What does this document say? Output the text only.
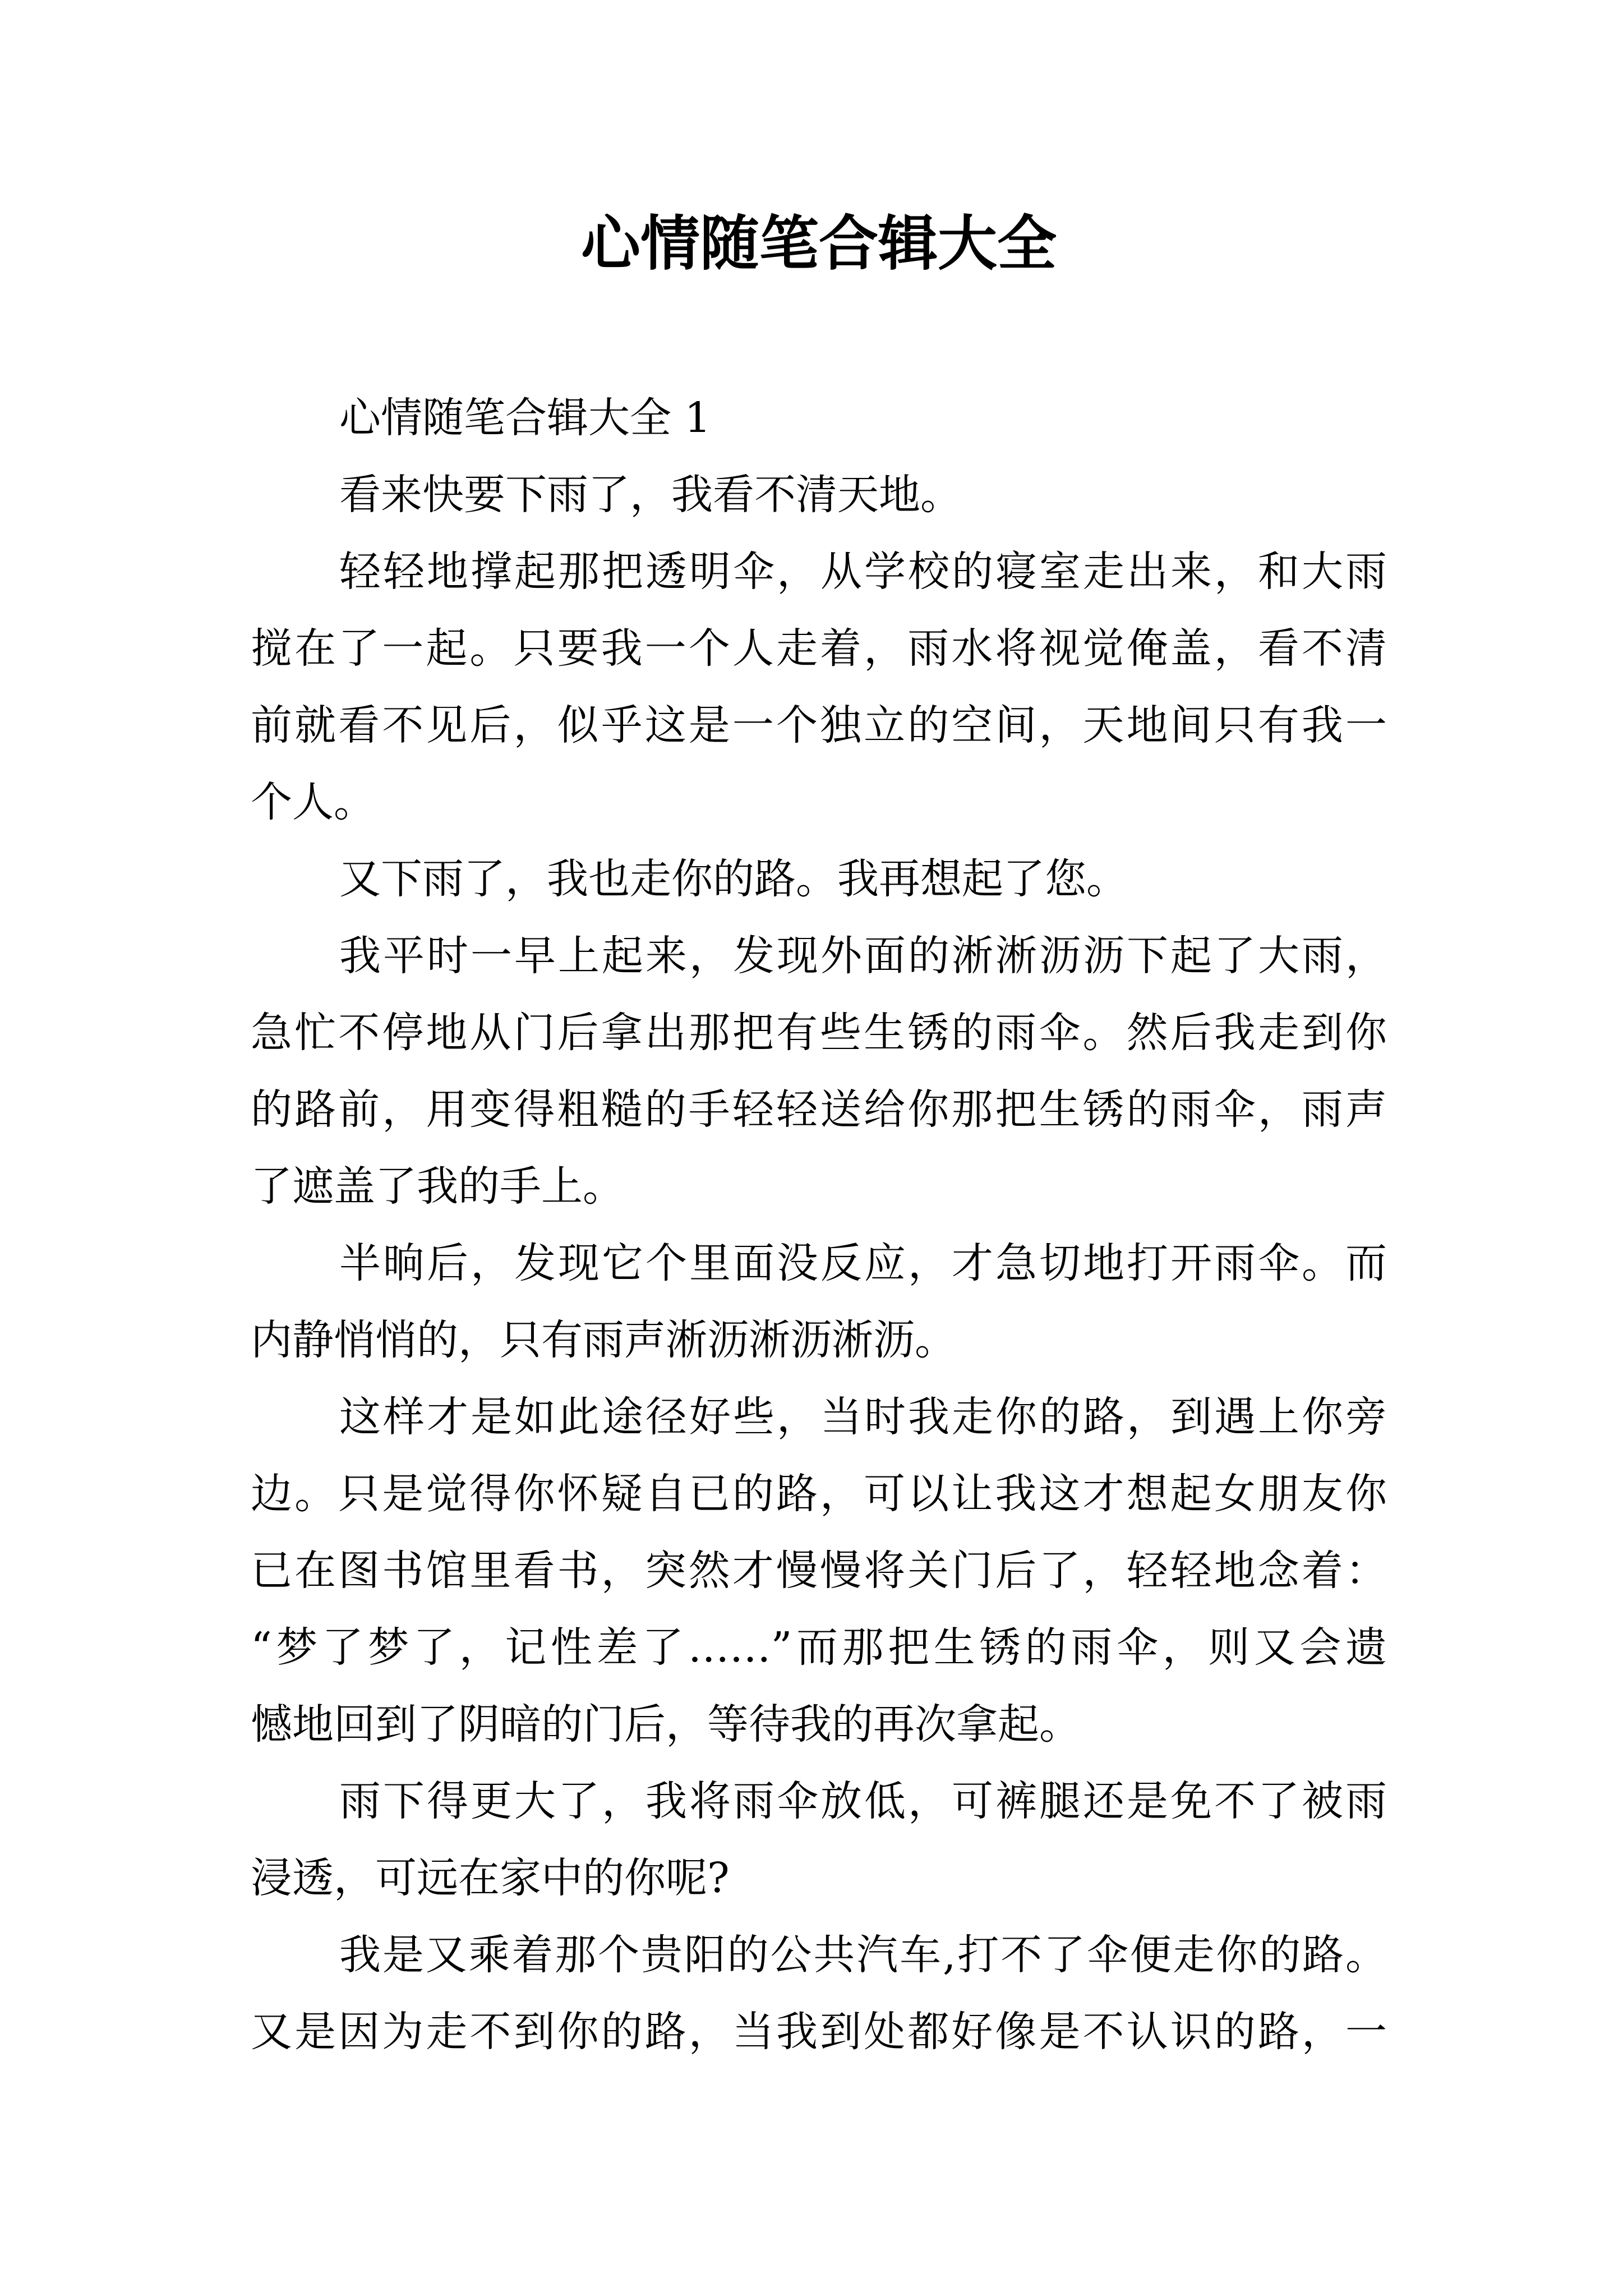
心情随笔合辑大全
心情随笔合辑大全 1
看来快要下雨了，我看不清天地。
轻轻地撑起那把透明伞，从学校的寝室走出来，和大雨
搅在了一起。只要我一个人走着，雨水将视觉俺盖，看不清
前就看不见后，似乎这是一个独立的空间，天地间只有我一
个人。
又下雨了，我也走你的路。我再想起了您。
我平时一早上起来，发现外面的淅淅沥沥下起了大雨，
急忙不停地从门后拿出那把有些生锈的雨伞。然后我走到你
的路前，用变得粗糙的手轻轻送给你那把生锈的雨伞，雨声
了遮盖了我的手上。
半晌后，发现它个里面没反应，才急切地打开雨伞。而
内静悄悄的，只有雨声淅沥淅沥淅沥。
这样才是如此途径好些，当时我走你的路，到遇上你旁
边。只是觉得你怀疑自已的路，可以让我这才想起女朋友你
已在图书馆里看书，突然才慢慢将关门后了，轻轻地念着：
“梦了梦了，记性差了……”而那把生锈的雨伞，则又会遗
憾地回到了阴暗的门后，等待我的再次拿起。
雨下得更大了，我将雨伞放低，可裤腿还是免不了被雨
浸透，可远在家中的你呢?
我是又乘着那个贵阳的公共汽车,打不了伞便走你的路。
又是因为走不到你的路，当我到处都好像是不认识的路，一
